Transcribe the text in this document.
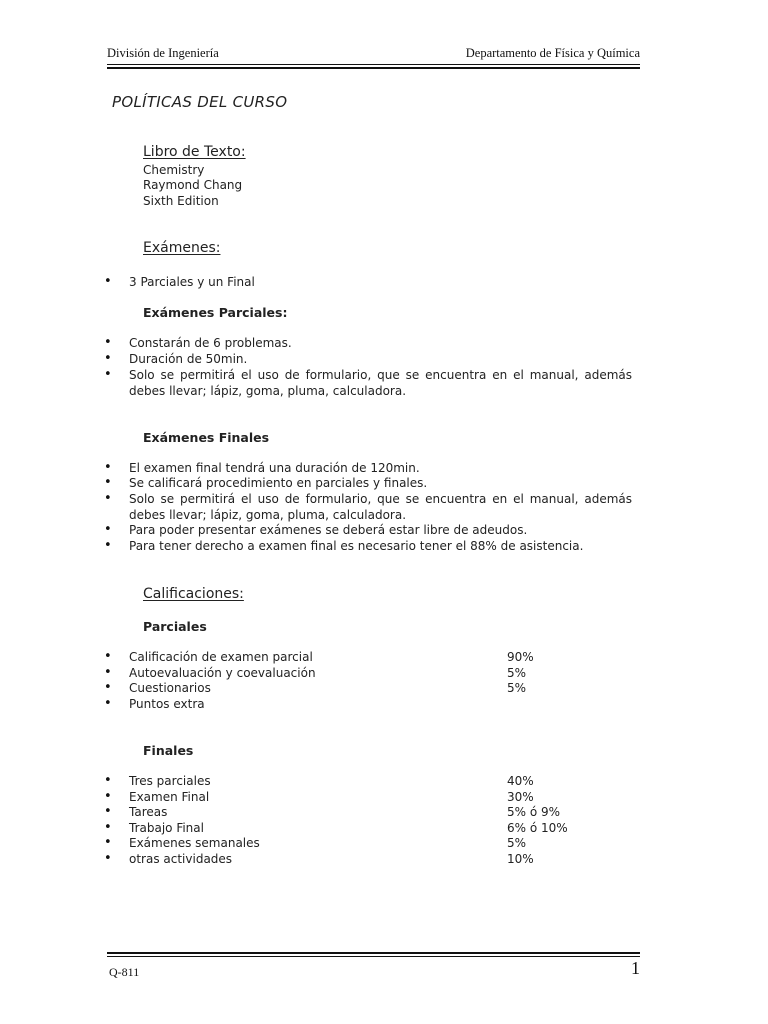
División de Ingeniería	Departamento de Física y Química
POLÍTICAS DEL CURSO
Libro de Texto:
Chemistry
Raymond Chang
Sixth Edition
Exámenes:
• 3 Parciales y un Final
Exámenes Parciales:
• Constarán de 6 problemas.
• Duración de 50min.
• Solo se permitirá el uso de formulario, que se encuentra en el manual, además debes llevar; lápiz, goma, pluma, calculadora.
Exámenes Finales
• El examen final tendrá una duración de 120min.
• Se calificará procedimiento en parciales y finales.
• Solo se permitirá el uso de formulario, que se encuentra en el manual, además debes llevar; lápiz, goma, pluma, calculadora.
• Para poder presentar exámenes se deberá estar libre de adeudos.
• Para tener derecho a examen final es necesario tener el 88% de asistencia.
Calificaciones:
Parciales
• Calificación de examen parcial	90%
• Autoevaluación y coevaluación	5%
• Cuestionarios	5%
• Puntos extra
Finales
• Tres parciales	40%
• Examen Final	30%
• Tareas	5% ó 9%
• Trabajo Final	6% ó 10%
• Exámenes semanales	5%
• otras actividades	10%
Q-811	1
